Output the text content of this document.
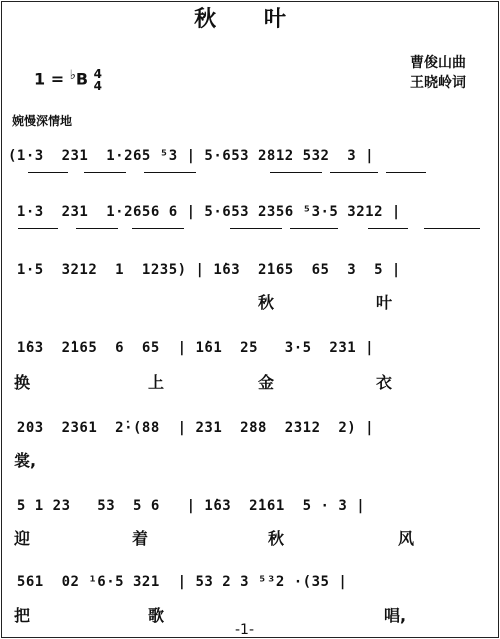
秋 叶
曹俊山曲
王晓岭词
1 = ♭B 4
4
婉慢深情地
(1·3  231  1·265 ⁵3 | 5·653 2812 532  3 |
1·3  231  1·2656 6 | 5·653 2356 ⁵3·5 3212 |
1·5  3212  1  1235) | 1̇63  2̇165  65  3  5 |
秋	叶
1̇63  2̇165  6  65  | 1̇61  25   3·5  231 |
换	上	金	衣
203  2361  2̇·(88  | 231  288  2312  2) |
裳,
5 1 23   53  5 6   | 1̇63  2̇161  5 · 3 |
迎	着	秋	风
561  02 ¹6·5 321  | 53 2 3 ⁵³2 ·(35 |
把	歌	唱,
-1-
